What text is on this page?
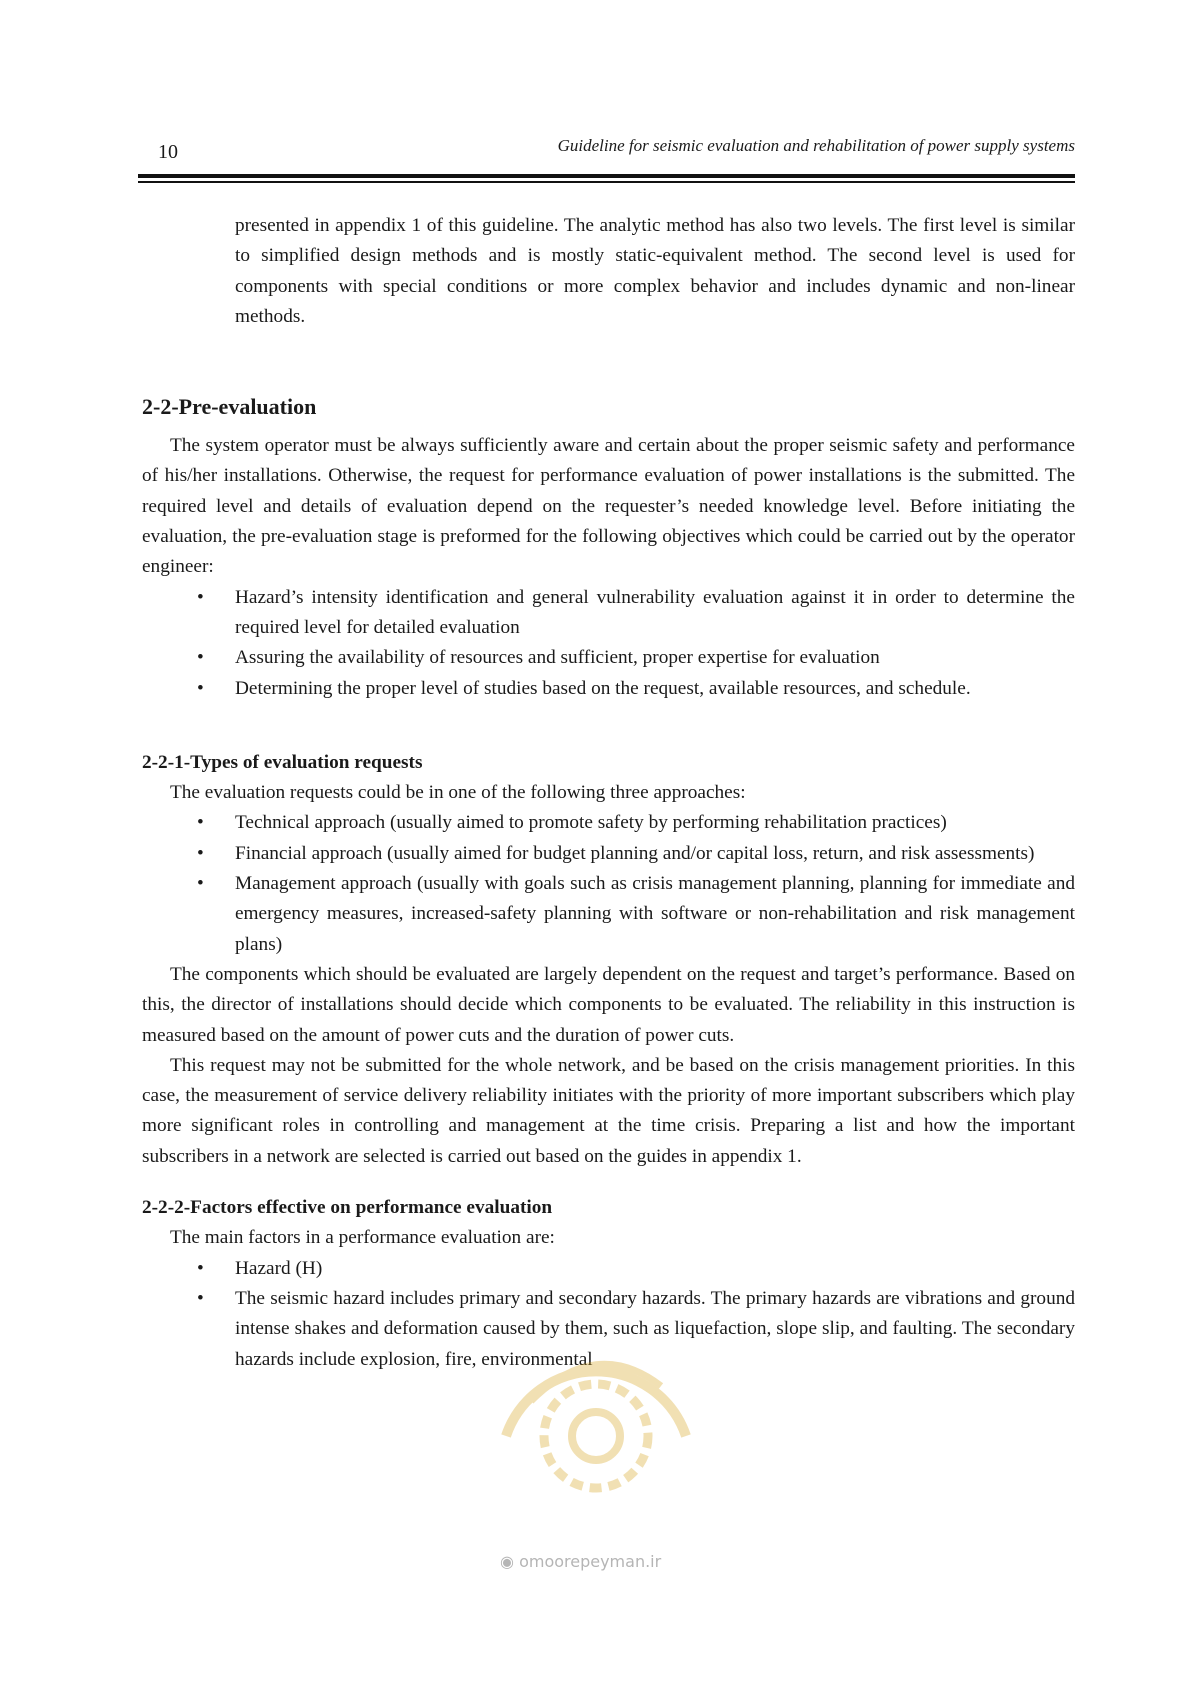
10	Guideline for seismic evaluation and rehabilitation of power supply systems

presented in appendix 1 of this guideline. The analytic method has also two levels. The first level is similar to simplified design methods and is mostly static-equivalent method. The second level is used for components with special conditions or more complex behavior and includes dynamic and non-linear methods.

2-2-Pre-evaluation

The system operator must be always sufficiently aware and certain about the proper seismic safety and performance of his/her installations. Otherwise, the request for performance evaluation of power installations is the submitted. The required level and details of evaluation depend on the requester’s needed knowledge level. Before initiating the evaluation, the pre-evaluation stage is preformed for the following objectives which could be carried out by the operator engineer:

• Hazard’s intensity identification and general vulnerability evaluation against it in order to determine the required level for detailed evaluation
• Assuring the availability of resources and sufficient, proper expertise for evaluation
• Determining the proper level of studies based on the request, available resources, and schedule.
2-2-1-Types of evaluation requests

The evaluation requests could be in one of the following three approaches:

• Technical approach (usually aimed to promote safety by performing rehabilitation practices)
• Financial approach (usually aimed for budget planning and/or capital loss, return, and risk assessments)
• Management approach (usually with goals such as crisis management planning, planning for immediate and emergency measures, increased-safety planning with software or non-rehabilitation and risk management plans)

The components which should be evaluated are largely dependent on the request and target’s performance. Based on this, the director of installations should decide which components to be evaluated. The reliability in this instruction is measured based on the amount of power cuts and the duration of power cuts.

This request may not be submitted for the whole network, and be based on the crisis management priorities. In this case, the measurement of service delivery reliability initiates with the priority of more important subscribers which play more significant roles in controlling and management at the time crisis. Preparing a list and how the important subscribers in a network are selected is carried out based on the guides in appendix 1.

2-2-2-Factors effective on performance evaluation

The main factors in a performance evaluation are:

• Hazard (H)
• The seismic hazard includes primary and secondary hazards. The primary hazards are vibrations and ground intense shakes and deformation caused by them, such as liquefaction, slope slip, and faulting. The secondary hazards include explosion, fire, environmental
◉ omoorepeyman.ir
